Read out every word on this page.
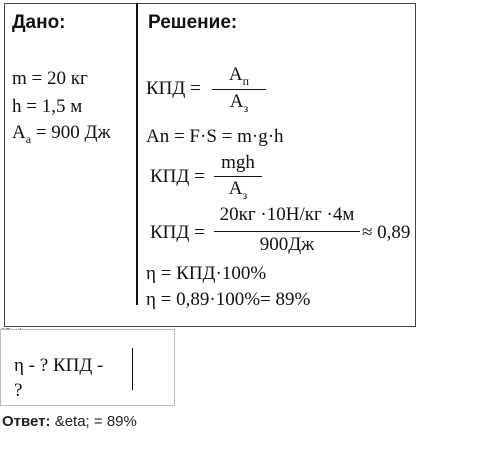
Дано:
m = 20 кг
h = 1,5 м
$A_a = 900$ Дж
Решение:
КПД =
$A_п$
$A_з$
An = F·S = m·g·h
КПД =
mgh
$A_з$
КПД =
20кг ·10Н/кг ·4м
900Дж
≈ 0,89
η = КПД·100%
η = 0,89·100%= 89%
η - ? КПД -
?
Ответ: &eta; = 89%
